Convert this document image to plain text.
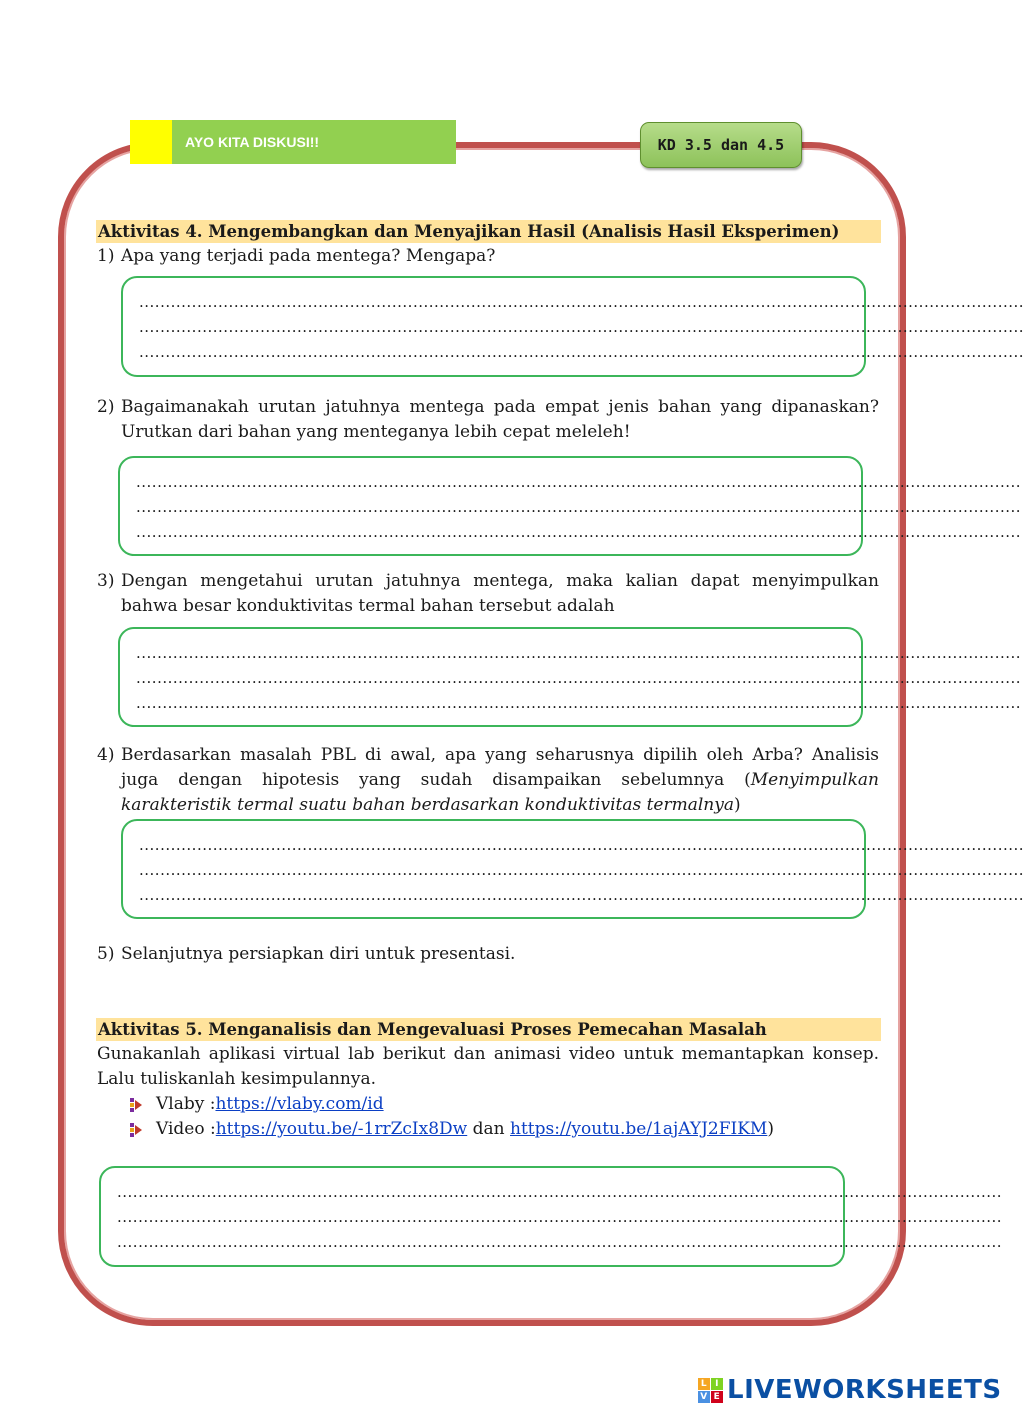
AYO KITA DISKUSI!!	KD 3.5 dan 4.5
Aktivitas 4. Mengembangkan dan Menyajikan Hasil (Analisis Hasil Eksperimen)
1) Apa yang terjadi pada mentega? Mengapa?
........................................................................................................................................................................
........................................................................................................................................................................
........................................................................................................................................................................
2) Bagaimanakah urutan jatuhnya mentega pada empat jenis bahan yang dipanaskan? Urutkan dari bahan yang menteganya lebih cepat meleleh!
........................................................................................................................................................................
........................................................................................................................................................................
........................................................................................................................................................................
3) Dengan mengetahui urutan jatuhnya mentega, maka kalian dapat menyimpulkan bahwa besar konduktivitas termal bahan tersebut adalah
........................................................................................................................................................................
........................................................................................................................................................................
........................................................................................................................................................................
4) Berdasarkan masalah PBL di awal, apa yang seharusnya dipilih oleh Arba? Analisis juga dengan hipotesis yang sudah disampaikan sebelumnya (Menyimpulkan karakteristik termal suatu bahan berdasarkan konduktivitas termalnya)
........................................................................................................................................................................
........................................................................................................................................................................
........................................................................................................................................................................
5) Selanjutnya persiapkan diri untuk presentasi.
Aktivitas 5. Menganalisis dan Mengevaluasi Proses Pemecahan Masalah
Gunakanlah aplikasi virtual lab berikut dan animasi video untuk memantapkan konsep. Lalu tuliskanlah kesimpulannya.
Vlaby : https://vlaby.com/id
Video : https://youtu.be/-1rrZcIx8Dw dan https://youtu.be/1ajAYJ2FIKM )
........................................................................................................................................................................
........................................................................................................................................................................
........................................................................................................................................................................
L I
V E LIVEWORKSHEETS
